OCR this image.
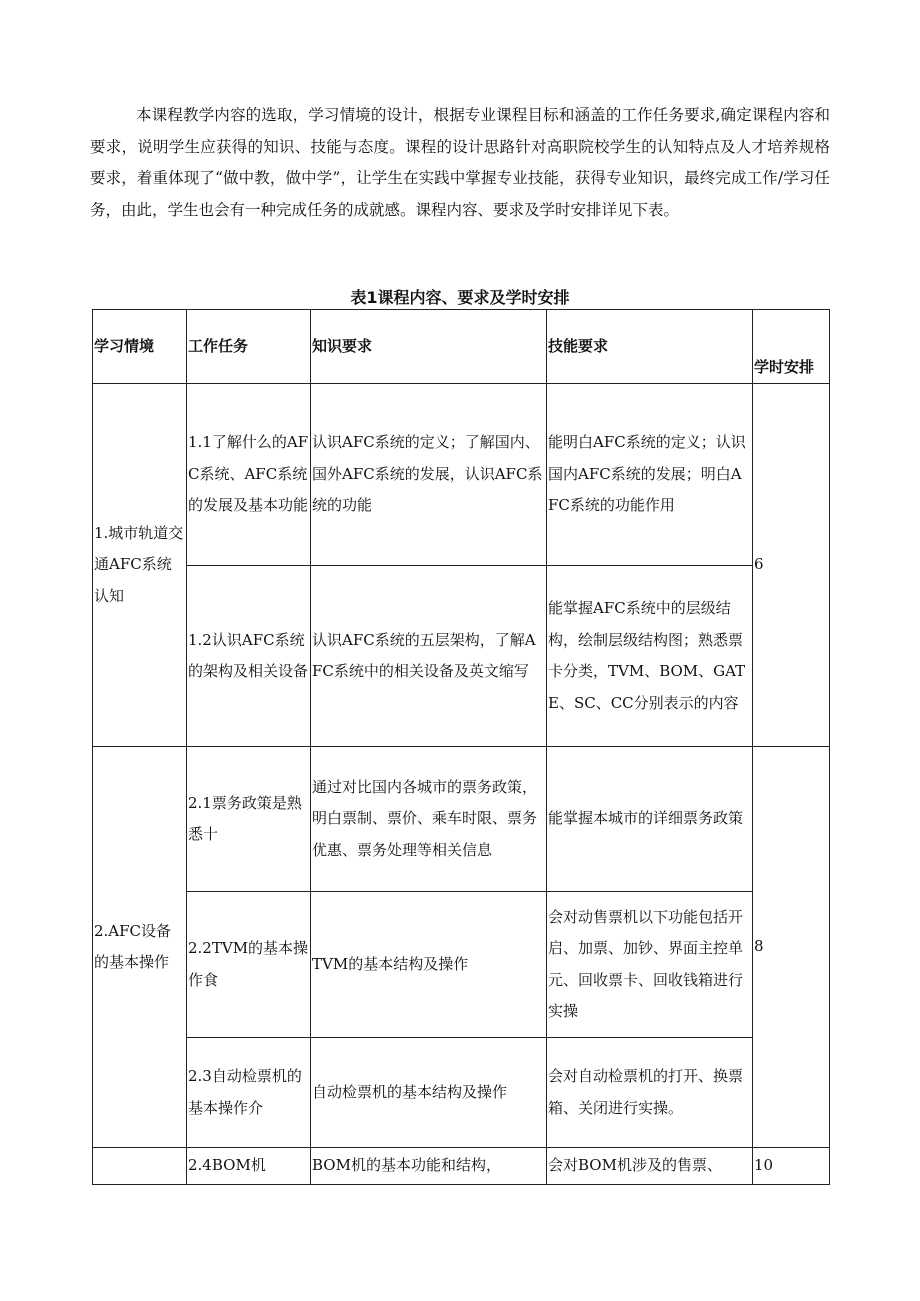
本课程教学内容的选取，学习情境的设计，根据专业课程目标和涵盖的工作任务要求,确定课程内容和要求，说明学生应获得的知识、技能与态度。课程的设计思路针对高职院校学生的认知特点及人才培养规格要求，着重体现了“做中教，做中学”，让学生在实践中掌握专业技能，获得专业知识，最终完成工作/学习任务，由此，学生也会有一种完成任务的成就感。课程内容、要求及学时安排详见下表。

表1课程内容、要求及学时安排
学习情境	工作任务	知识要求	技能要求	学时安排
1.城市轨道交通AFC系统认知	1.1了解什么的AFC系统、AFC系统的发展及基本功能	认识AFC系统的定义；了解国内、国外AFC系统的发展，认识AFC系统的功能	能明白AFC系统的定义；认识国内AFC系统的发展；明白AFC系统的功能作用	6
	1.2认识AFC系统的架构及相关设备	认识AFC系统的五层架构，了解AFC系统中的相关设备及英文缩写	能掌握AFC系统中的层级结构，绘制层级结构图；熟悉票卡分类，TVM、BOM、GATE、SC、CC分别表示的内容	
2.AFC设备的基本操作	2.1票务政策是熟悉十	通过对比国内各城市的票务政策，明白票制、票价、乘车时限、票务优惠、票务处理等相关信息	能掌握本城市的详细票务政策	8
	2.2TVM的基本操作食	TVM的基本结构及操作	会对动售票机以下功能包括开启、加票、加钞、界面主控单元、回收票卡、回收钱箱进行实操	
	2.3自动检票机的基本操作介	自动检票机的基本结构及操作	会对自动检票机的打开、换票箱、关闭进行实操。	
	2.4BOM机	BOM机的基本功能和结构，	会对BOM机涉及的售票、	10
